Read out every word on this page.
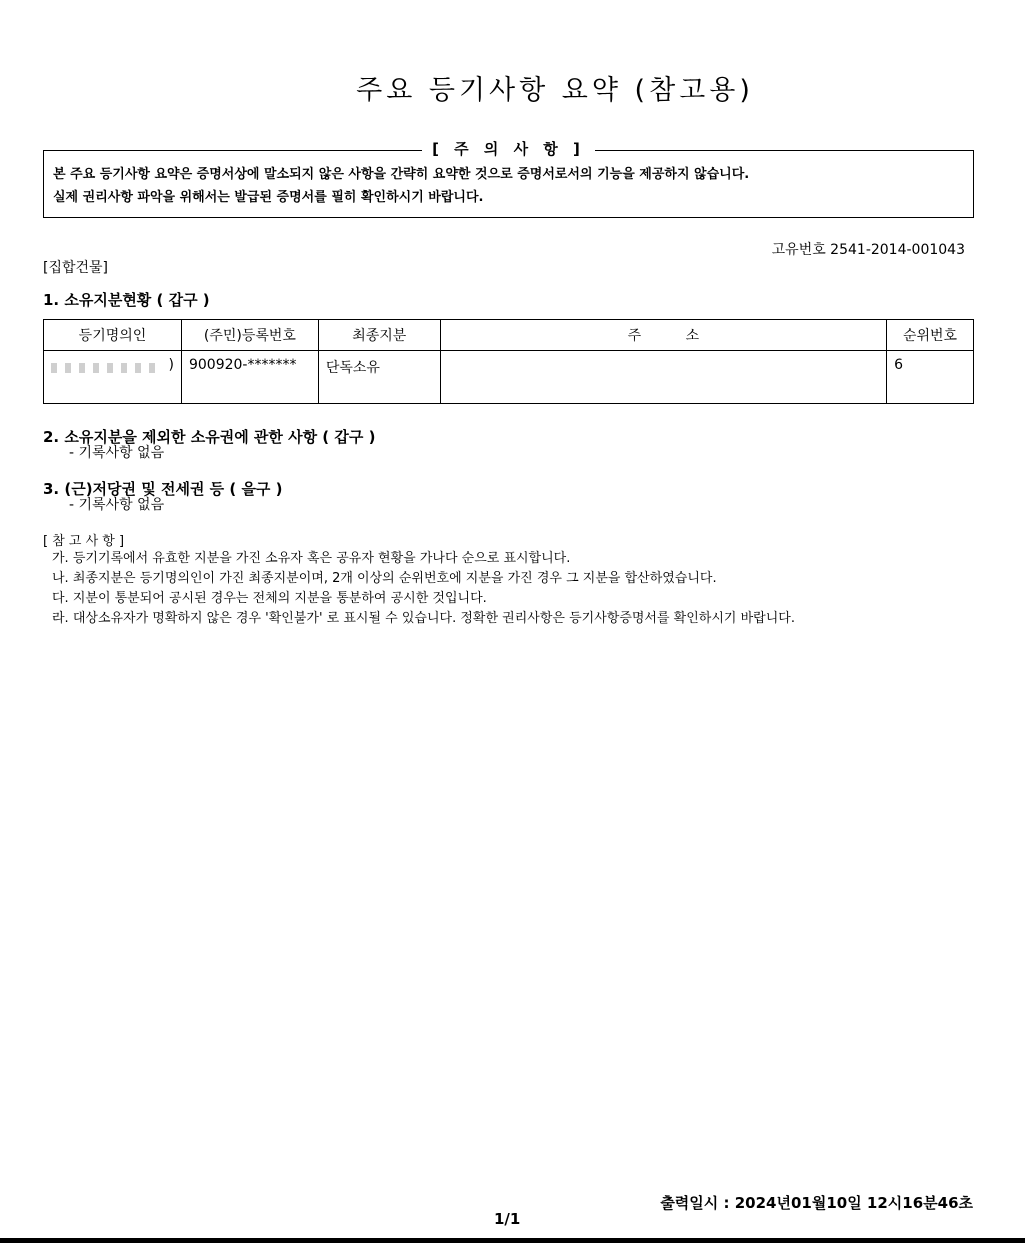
주요 등기사항 요약 (참고용)
[ 주 의 사 항 ]
본 주요 등기사항 요약은 증명서상에 말소되지 않은 사항을 간략히 요약한 것으로 증명서로서의 기능을 제공하지 않습니다.
실제 권리사항 파악을 위해서는 발급된 증명서를 필히 확인하시기 바랍니다.
고유번호 2541-2014-001043
[집합건물]
1. 소유지분현황 ( 갑구 )
등기명의인	(주민)등록번호	최종지분	주          소	순위번호

)	900920-*******	단독소유		6
2. 소유지분을 제외한 소유권에 관한 사항 ( 갑구 )
- 기록사항 없음
3. (근)저당권 및 전세권 등 ( 을구 )
- 기록사항 없음
[ 참 고 사 항 ]
가. 등기기록에서 유효한 지분을 가진 소유자 혹은 공유자 현황을 가나다 순으로 표시합니다.
나. 최종지분은 등기명의인이 가진 최종지분이며, 2개 이상의 순위번호에 지분을 가진 경우 그 지분을 합산하였습니다.
다. 지분이 통분되어 공시된 경우는 전체의 지분을 통분하여 공시한 것입니다.
라. 대상소유자가 명확하지 않은 경우 '확인불가' 로 표시될 수 있습니다. 정확한 권리사항은 등기사항증명서를 확인하시기 바랍니다.
출력일시 : 2024년01월10일 12시16분46초
1/1
